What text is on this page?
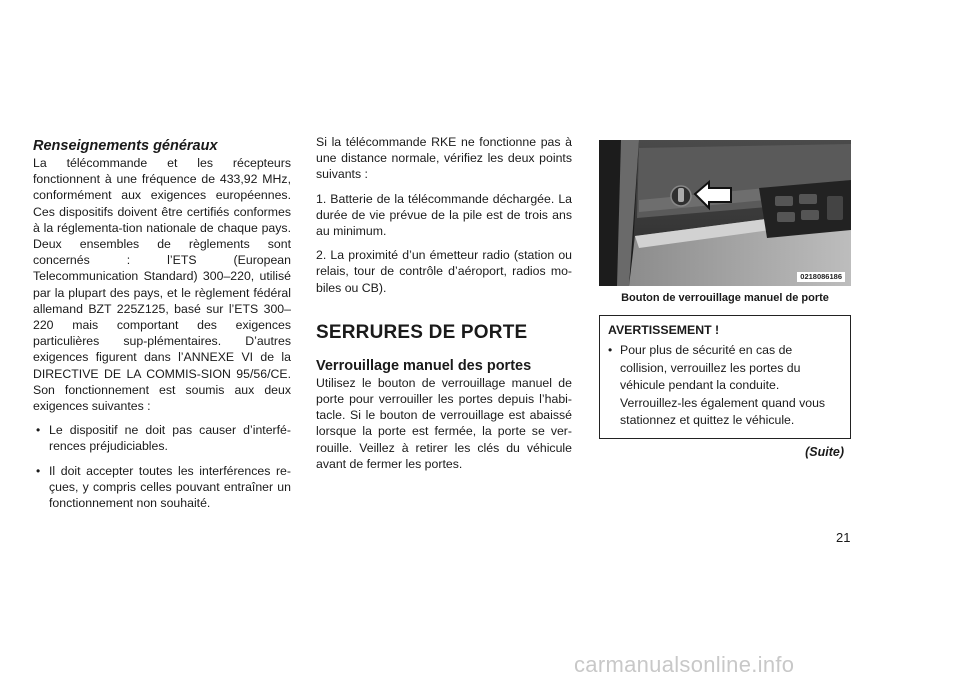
Renseignements généraux

La télécommande et les récepteurs fonctionnent à une fréquence de 433,92 MHz, conformément aux exigences européennes. Ces dispositifs doivent être certifiés conformes à la réglementa-tion nationale de chaque pays. Deux ensembles de règlements sont concernés : l’ETS (European Telecommunication Standard) 300–220, utilisé par la plupart des pays, et le règlement fédéral allemand BZT 225Z125, basé sur l’ETS 300–220 mais comportant des exigences particulières sup-plémentaires. D’autres exigences figurent dans l’ANNEXE VI de la DIRECTIVE DE LA COMMIS-SION 95/56/CE. Son fonctionnement est soumis aux deux exigences suivantes :

• Le dispositif ne doit pas causer d’interfé-rences préjudiciables.
• Il doit accepter toutes les interférences re-çues, y compris celles pouvant entraîner un fonctionnement non souhaité.

Si la télécommande RKE ne fonctionne pas à une distance normale, vérifiez les deux points suivants :

1. Batterie de la télécommande déchargée. La durée de vie prévue de la pile est de trois ans au minimum.

2. La proximité d’un émetteur radio (station ou relais, tour de contrôle d’aéroport, radios mo-biles ou CB).

SERRURES DE PORTE
Verrouillage manuel des portes

Utilisez le bouton de verrouillage manuel de porte pour verrouiller les portes depuis l’habi-tacle. Si le bouton de verrouillage est abaissé lorsque la porte est fermée, la porte se ver-rouille. Veillez à retirer les clés du véhicule avant de fermer les portes.

0218086186
Bouton de verrouillage manuel de porte
AVERTISSEMENT !
• Pour plus de sécurité en cas de collision, verrouillez les portes du véhicule pendant la conduite. Verrouillez-les également quand vous stationnez et quittez le véhicule.
(Suite)
21
carmanualsonline.info
